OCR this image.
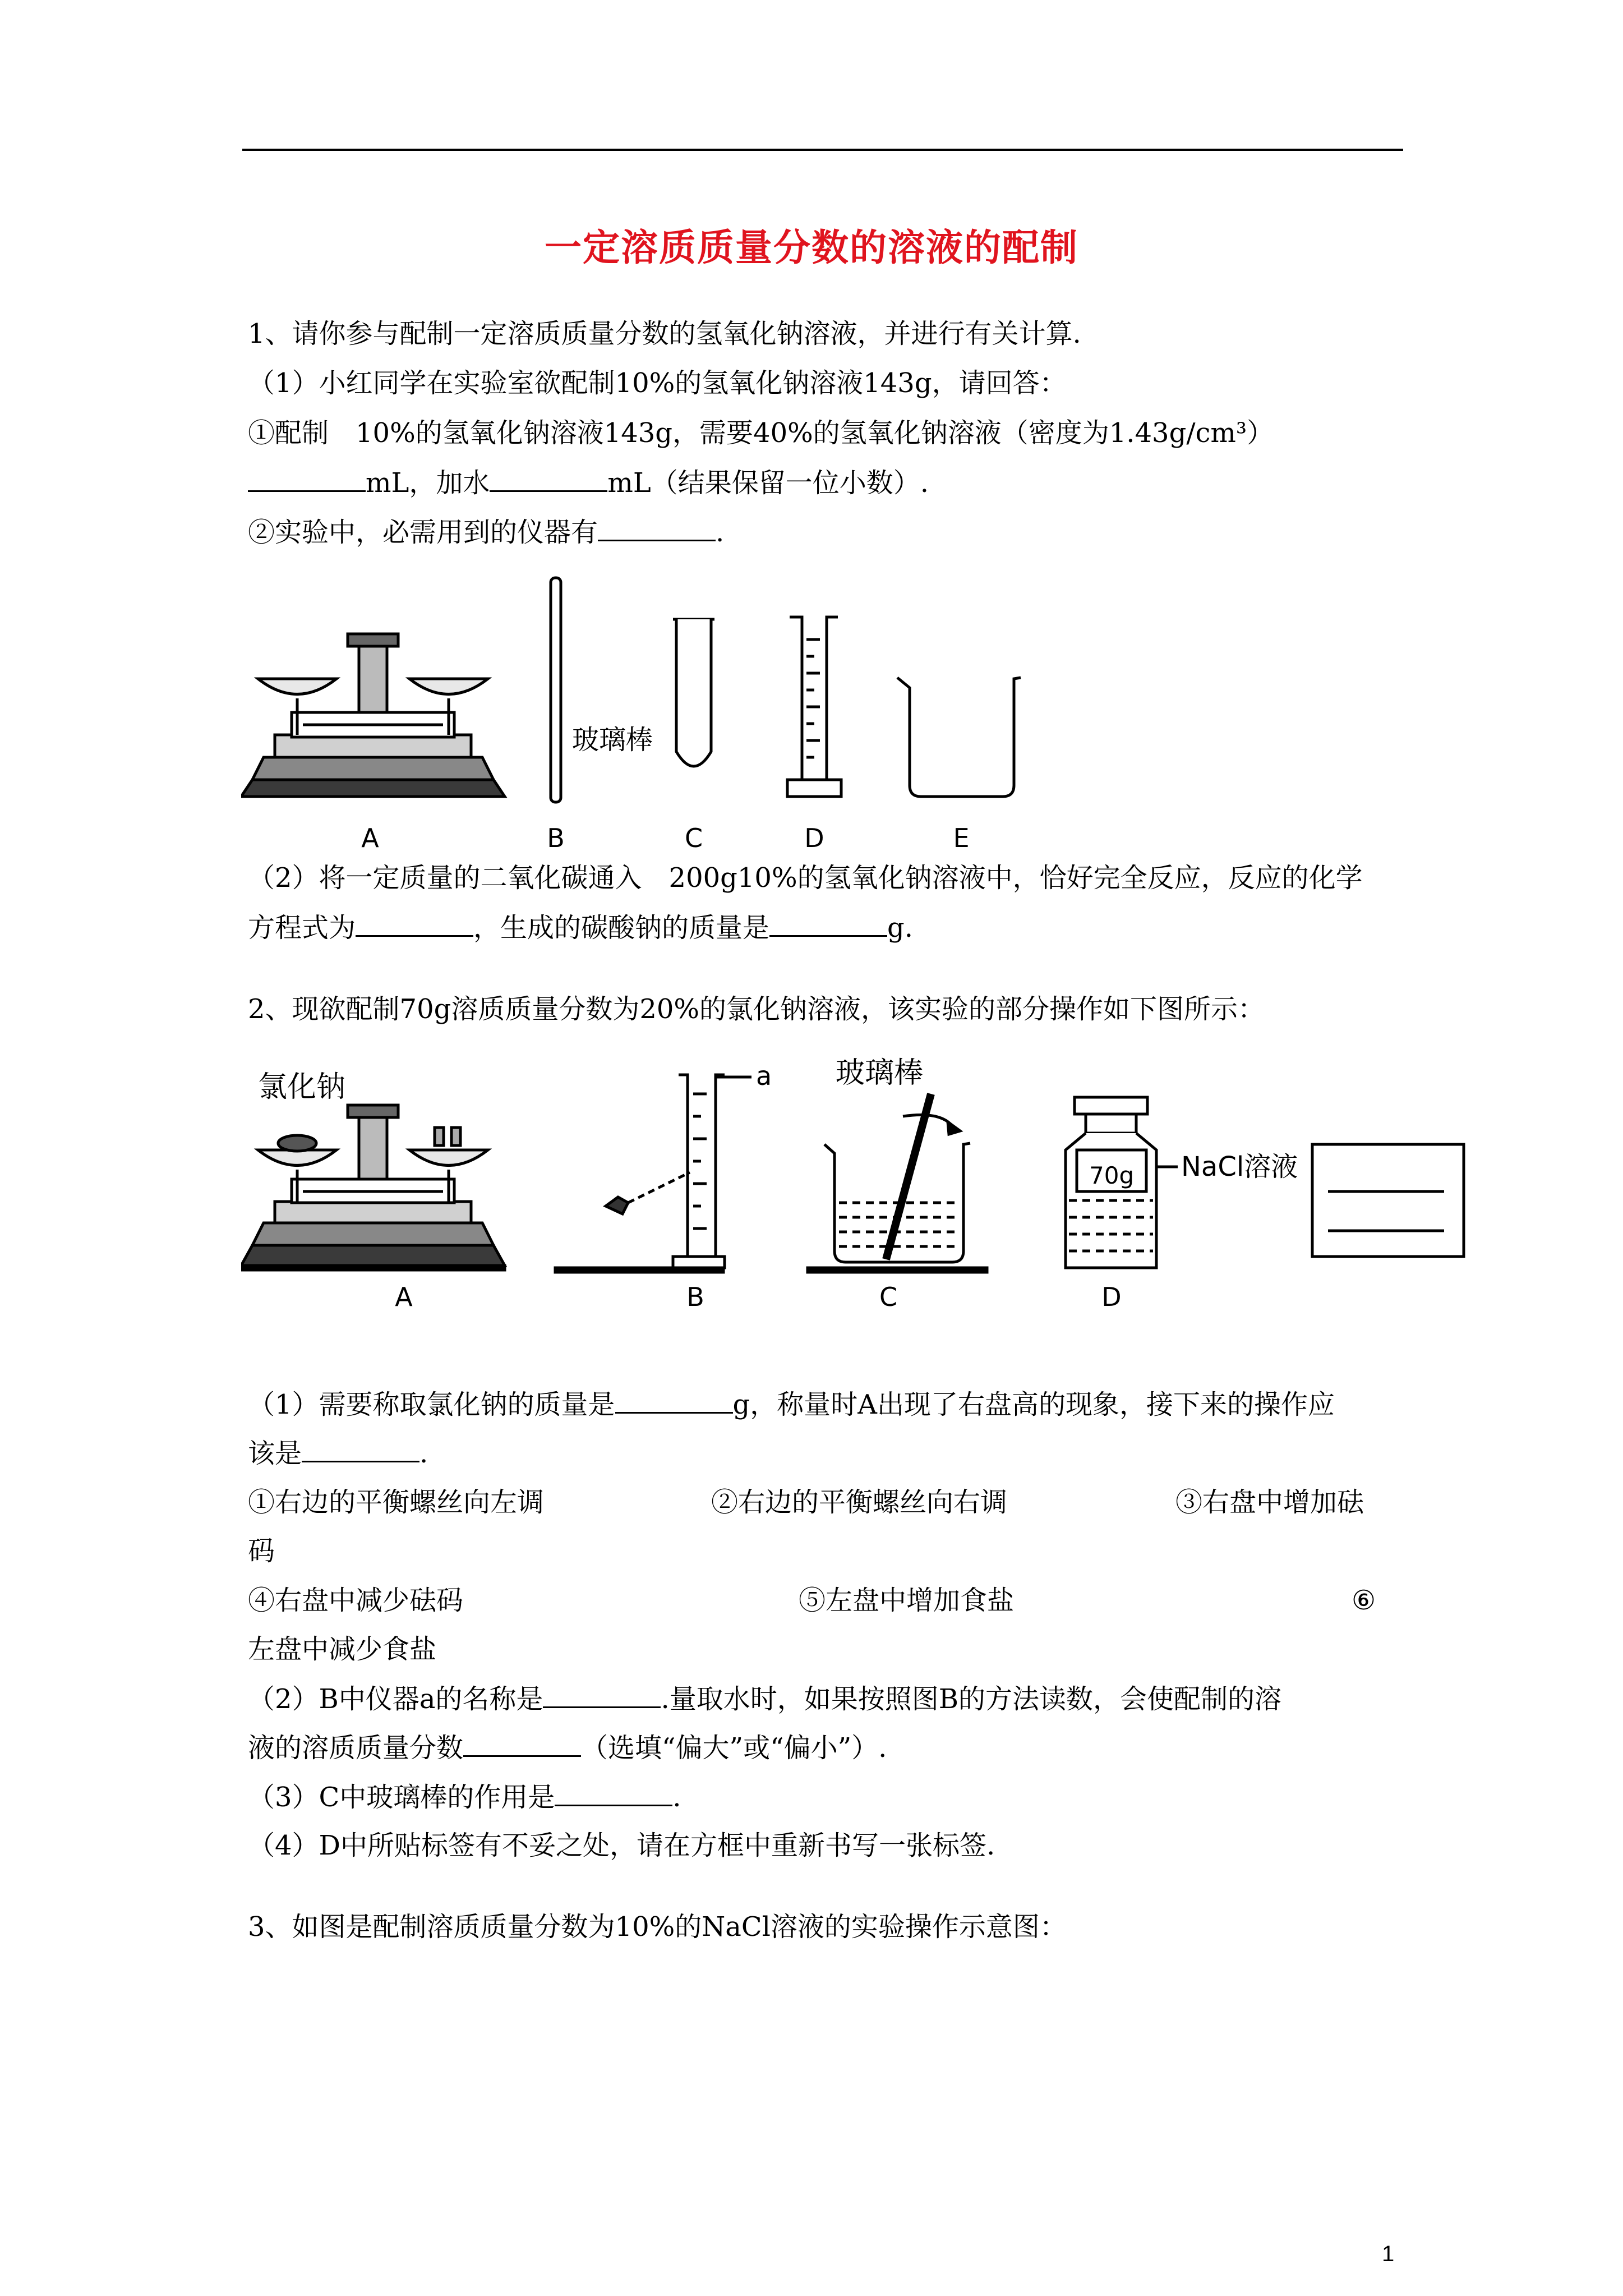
一定溶质质量分数的溶液的配制
1、请你参与配制一定溶质质量分数的氢氧化钠溶液，并进行有关计算.
（1）小红同学在实验室欲配制10%的氢氧化钠溶液143g，请回答：
①配制　10%的氢氧化钠溶液143g，需要40%的氢氧化钠溶液（密度为1.43g/cm³）
mL，加水	mL（结果保留一位小数）.
②实验中，必需用到的仪器有	.
玻璃棒
A	B	C	D	E
（2）将一定质量的二氧化碳通入　200g10%的氢氧化钠溶液中，恰好完全反应，反应的化学
方程式为	，生成的碳酸钠的质量是	g.
2、现欲配制70g溶质质量分数为20%的氯化钠溶液，该实验的部分操作如下图所示：
氯化钠	a 玻璃棒
70g NaCl溶液
A	B	C	D
（1）需要称取氯化钠的质量是	g，称量时A出现了右盘高的现象，接下来的操作应
该是	.
①右边的平衡螺丝向左调	②右边的平衡螺丝向右调	③右盘中增加砝
码
④右盘中减少砝码	⑤左盘中增加食盐	⑥
左盘中减少食盐
（2）B中仪器a的名称是	.量取水时，如果按照图B的方法读数，会使配制的溶
液的溶质质量分数	（选填“偏大”或“偏小”）.
（3）C中玻璃棒的作用是	.
（4）D中所贴标签有不妥之处，请在方框中重新书写一张标签.
3、如图是配制溶质质量分数为10%的NaCl溶液的实验操作示意图：
1
